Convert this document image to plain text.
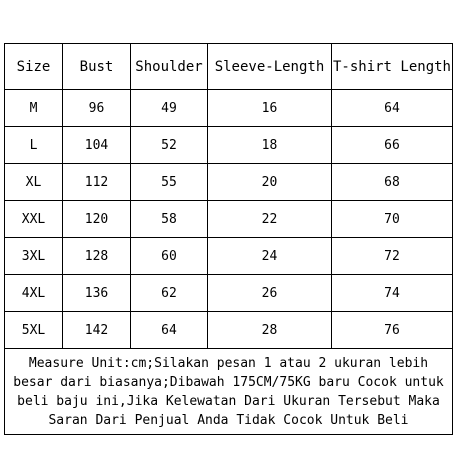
Size	Bust	Shoulder	Sleeve-Length	T-shirt Length
M	96	49	16	64
L	104	52	18	66
XL	112	55	20	68
XXL	120	58	22	70
3XL	128	60	24	72
4XL	136	62	26	74
5XL	142	64	28	76
Measure Unit:cm;Silakan pesan 1 atau 2 ukuran lebih besar dari biasanya;Dibawah 175CM/75KG baru Cocok untuk beli baju ini,Jika Kelewatan Dari Ukuran Tersebut Maka Saran Dari Penjual Anda Tidak Cocok Untuk Beli				
